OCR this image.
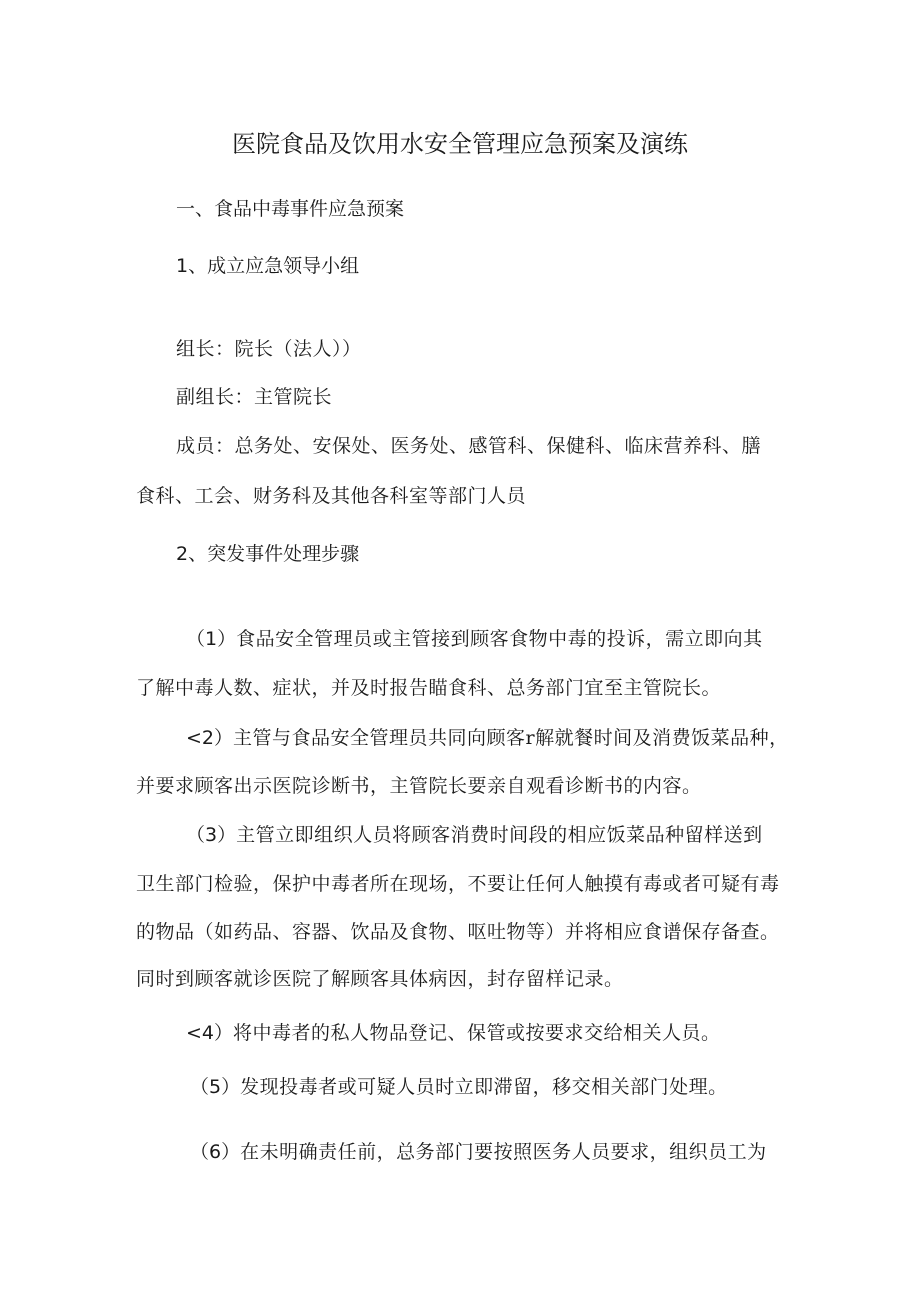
医院食品及饮用水安全管理应急预案及演练
一、食品中毒事件应急预案
1、成立应急领导小组
组长：院长（法人））
副组长：主管院长
成员：总务处、安保处、医务处、感管科、保健科、临床营养科、膳
食科、工会、财务科及其他各科室等部门人员
2、突发事件处理步骤
（1）食品安全管理员或主管接到顾客食物中毒的投诉，需立即向其
了解中毒人数、症状，并及时报告瞄食科、总务部门宜至主管院长。
<2）主管与食品安全管理员共同向顾客r解就餐时间及消费饭菜品种，
并要求顾客出示医院诊断书，主管院长要亲自观看诊断书的内容。
（3）主管立即组织人员将顾客消费时间段的相应饭菜品种留样送到
卫生部门检验，保护中毒者所在现场，不要让任何人触摸有毒或者可疑有毒
的物品（如药品、容器、饮品及食物、呕吐物等）并将相应食谱保存备查。
同时到顾客就诊医院了解顾客具体病因，封存留样记录。
<4）将中毒者的私人物品登记、保管或按要求交给相关人员。
（5）发现投毒者或可疑人员时立即滞留，移交相关部门处理。
（6）在未明确责任前，总务部门要按照医务人员要求，组织员工为
